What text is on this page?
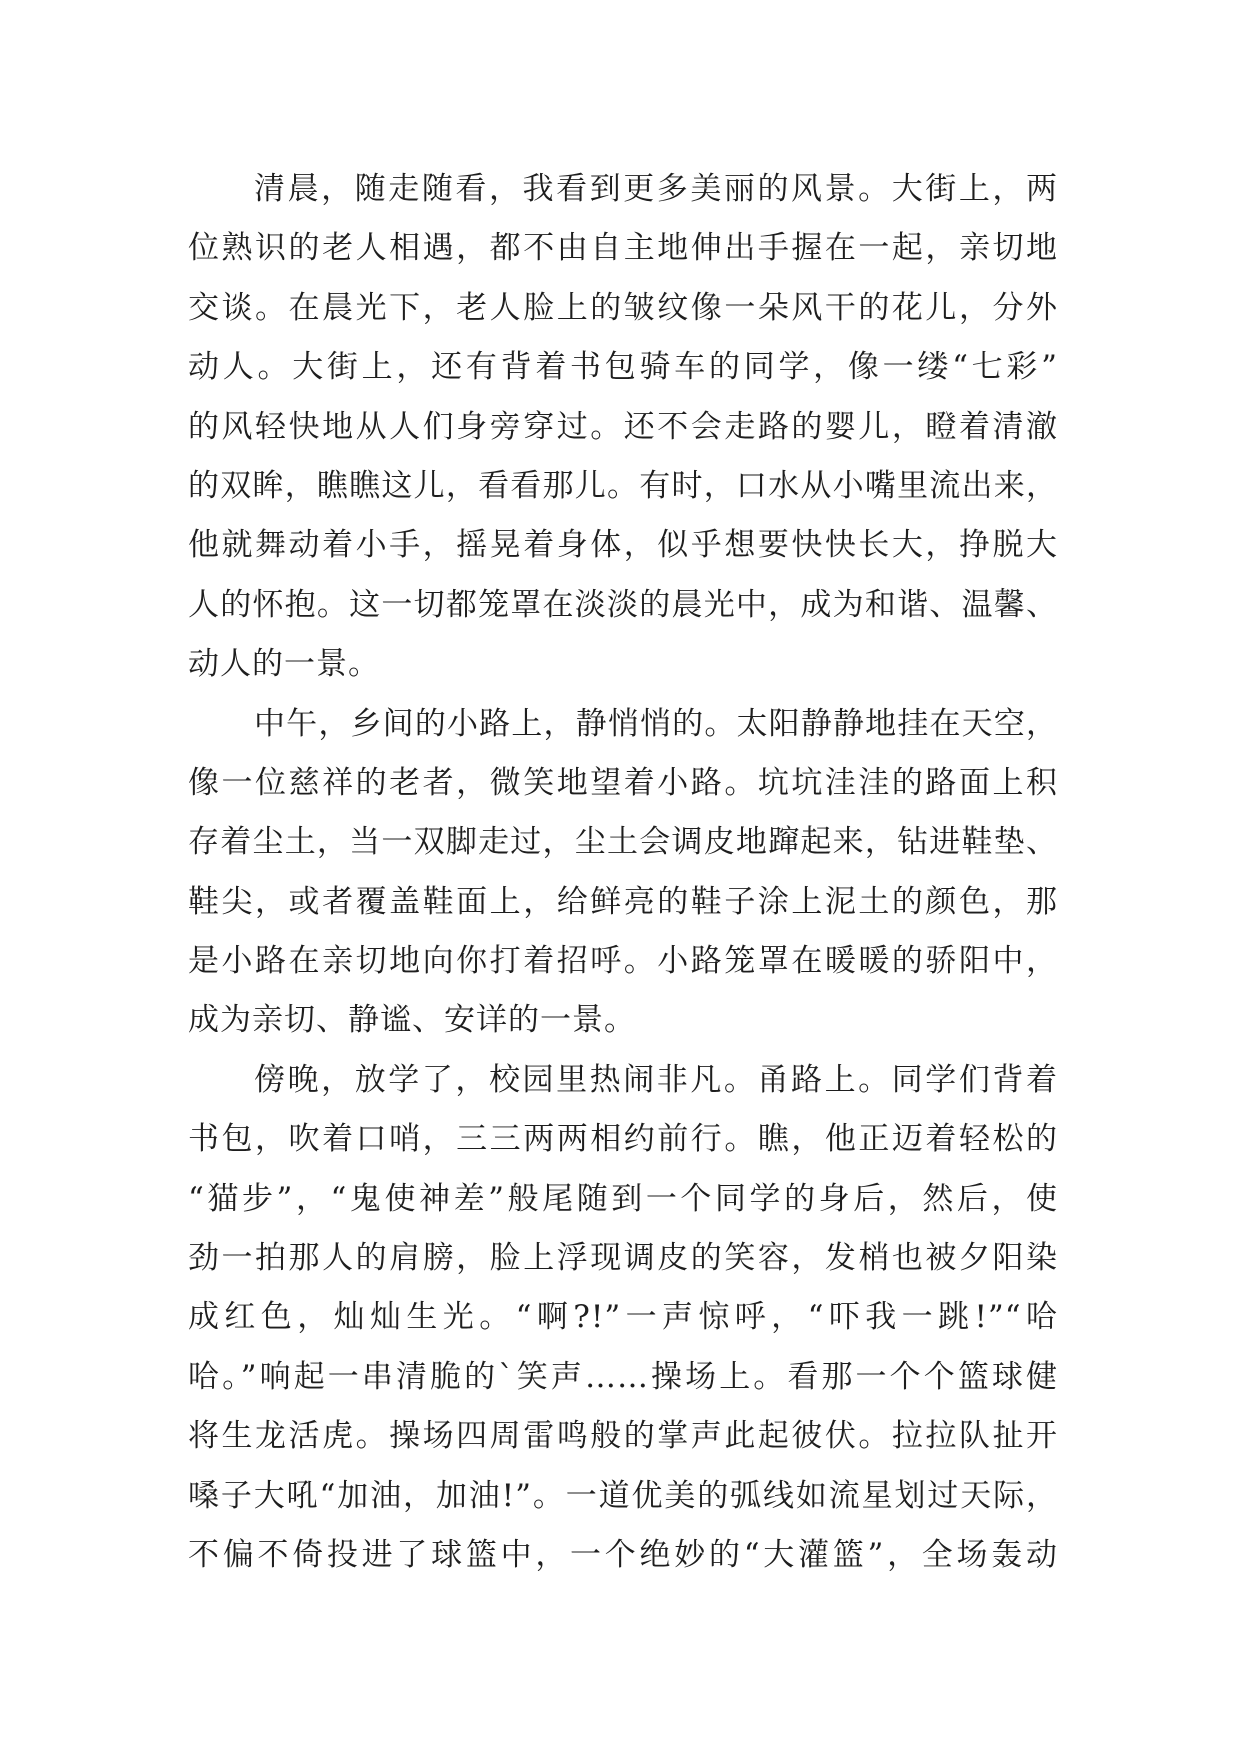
清晨，随走随看，我看到更多美丽的风景。大街上，两
位熟识的老人相遇，都不由自主地伸出手握在一起，亲切地
交谈。在晨光下，老人脸上的皱纹像一朵风干的花儿，分外
动人。大街上，还有背着书包骑车的同学，像一缕“七彩”
的风轻快地从人们身旁穿过。还不会走路的婴儿，瞪着清澈
的双眸，瞧瞧这儿，看看那儿。有时，口水从小嘴里流出来，
他就舞动着小手，摇晃着身体，似乎想要快快长大，挣脱大
人的怀抱。这一切都笼罩在淡淡的晨光中，成为和谐、温馨、
动人的一景。
中午，乡间的小路上，静悄悄的。太阳静静地挂在天空，
像一位慈祥的老者，微笑地望着小路。坑坑洼洼的路面上积
存着尘土，当一双脚走过，尘土会调皮地蹿起来，钻进鞋垫、
鞋尖，或者覆盖鞋面上，给鲜亮的鞋子涂上泥土的颜色，那
是小路在亲切地向你打着招呼。小路笼罩在暖暖的骄阳中，
成为亲切、静谧、安详的一景。
傍晚，放学了，校园里热闹非凡。甬路上。同学们背着
书包，吹着口哨，三三两两相约前行。瞧，他正迈着轻松的
“猫步”，“鬼使神差”般尾随到一个同学的身后，然后，使
劲一拍那人的肩膀，脸上浮现调皮的笑容，发梢也被夕阳染
成红色，灿灿生光。“啊?!”一声惊呼，“吓我一跳!”“哈
哈。”响起一串清脆的`笑声……操场上。看那一个个篮球健
将生龙活虎。操场四周雷鸣般的掌声此起彼伏。拉拉队扯开
嗓子大吼“加油，加油!”。一道优美的弧线如流星划过天际，
不偏不倚投进了球篮中，一个绝妙的“大灌篮”，全场轰动
